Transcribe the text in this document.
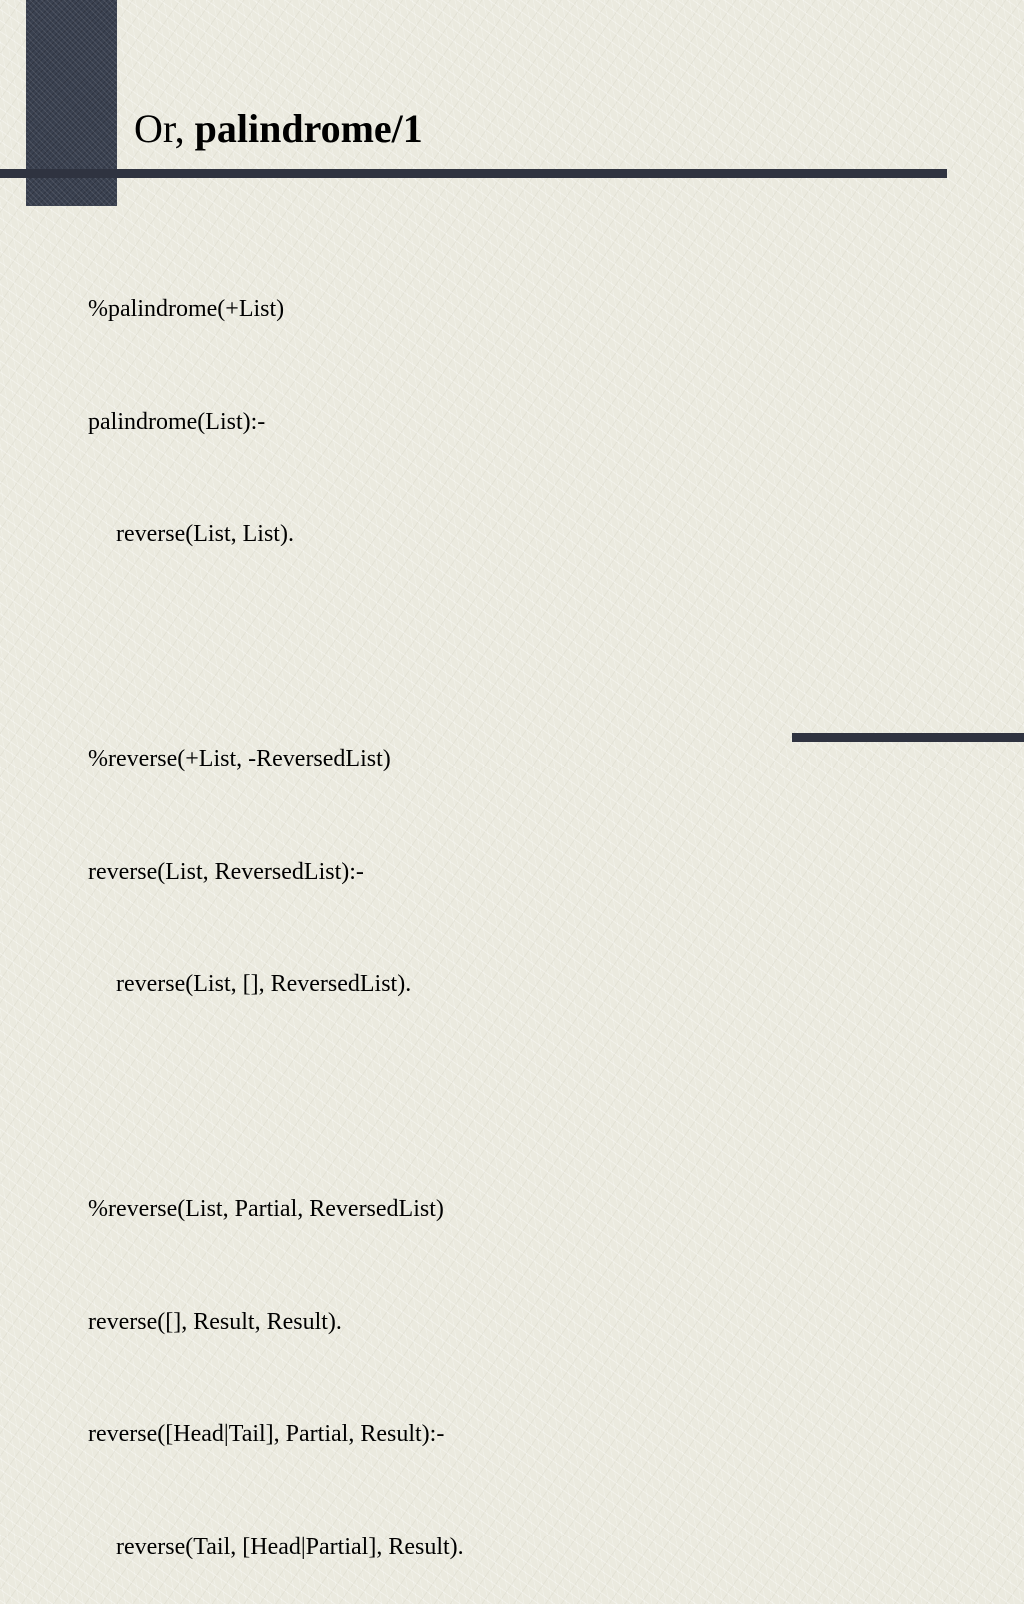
Or, palindrome/1

%palindrome(+List)

palindrome(List):-

reverse(List, List).

%reverse(+List, -ReversedList)

reverse(List, ReversedList):-

reverse(List, [], ReversedList).

%reverse(List, Partial, ReversedList)

reverse([], Result, Result).

reverse([Head|Tail], Partial, Result):-

reverse(Tail, [Head|Partial], Result).
